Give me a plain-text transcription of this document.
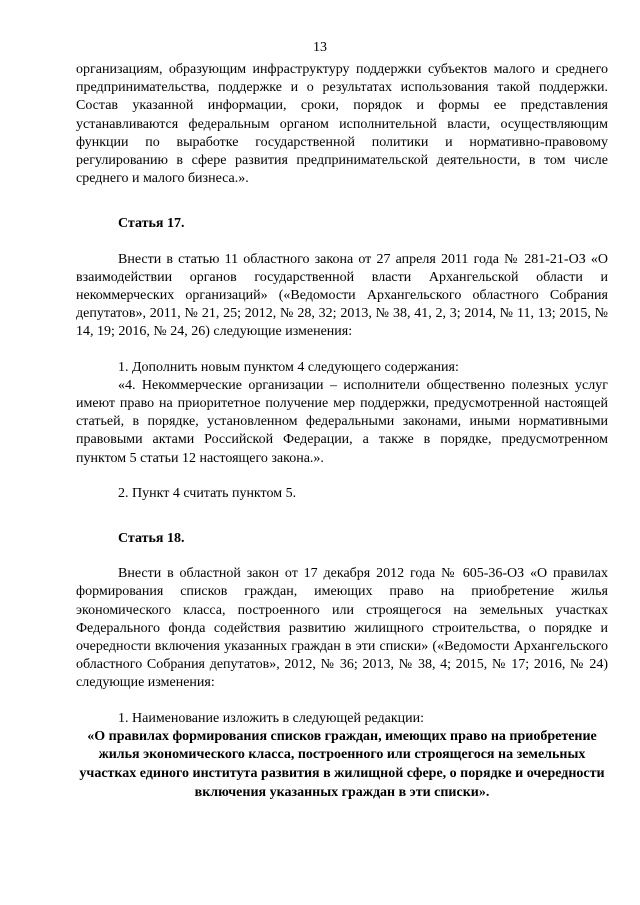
13

организациям, образующим инфраструктуру поддержки субъектов малого и среднего предпринимательства, поддержке и о результатах использования такой поддержки. Состав указанной информации, сроки, порядок и формы ее представления устанавливаются федеральным органом исполнительной власти, осуществляющим функции по выработке государственной политики и нормативно-правовому регулированию в сфере развития предпринимательской деятельности, в том числе среднего и малого бизнеса.».

Статья 17.

Внести в статью 11 областного закона от 27 апреля 2011 года № 281-21-ОЗ «О взаимодействии органов государственной власти Архангельской области и некоммерческих организаций» («Ведомости Архангельского областного Собрания депутатов», 2011, № 21, 25; 2012, № 28, 32; 2013, № 38, 41, 2, 3; 2014, № 11, 13; 2015, № 14, 19; 2016, № 24, 26) следующие изменения:

1. Дополнить новым пунктом 4 следующего содержания:

«4. Некоммерческие организации – исполнители общественно полезных услуг имеют право на приоритетное получение мер поддержки, предусмотренной настоящей статьей, в порядке, установленном федеральными законами, иными нормативными правовыми актами Российской Федерации, а также в порядке, предусмотренном пунктом 5 статьи 12 настоящего закона.».

2. Пункт 4 считать пунктом 5.

Статья 18.

Внести в областной закон от 17 декабря 2012 года № 605-36-ОЗ «О правилах формирования списков граждан, имеющих право на приобретение жилья экономического класса, построенного или строящегося на земельных участках Федерального фонда содействия развитию жилищного строительства, о порядке и очередности включения указанных граждан в эти списки» («Ведомости Архангельского областного Собрания депутатов», 2012, № 36; 2013, № 38, 4; 2015, № 17; 2016, № 24) следующие изменения:

1. Наименование изложить в следующей редакции:

«О правилах формирования списков граждан, имеющих право на приобретение жилья экономического класса, построенного или строящегося на земельных участках единого института развития в жилищной сфере, о порядке и очередности включения указанных граждан в эти списки».
